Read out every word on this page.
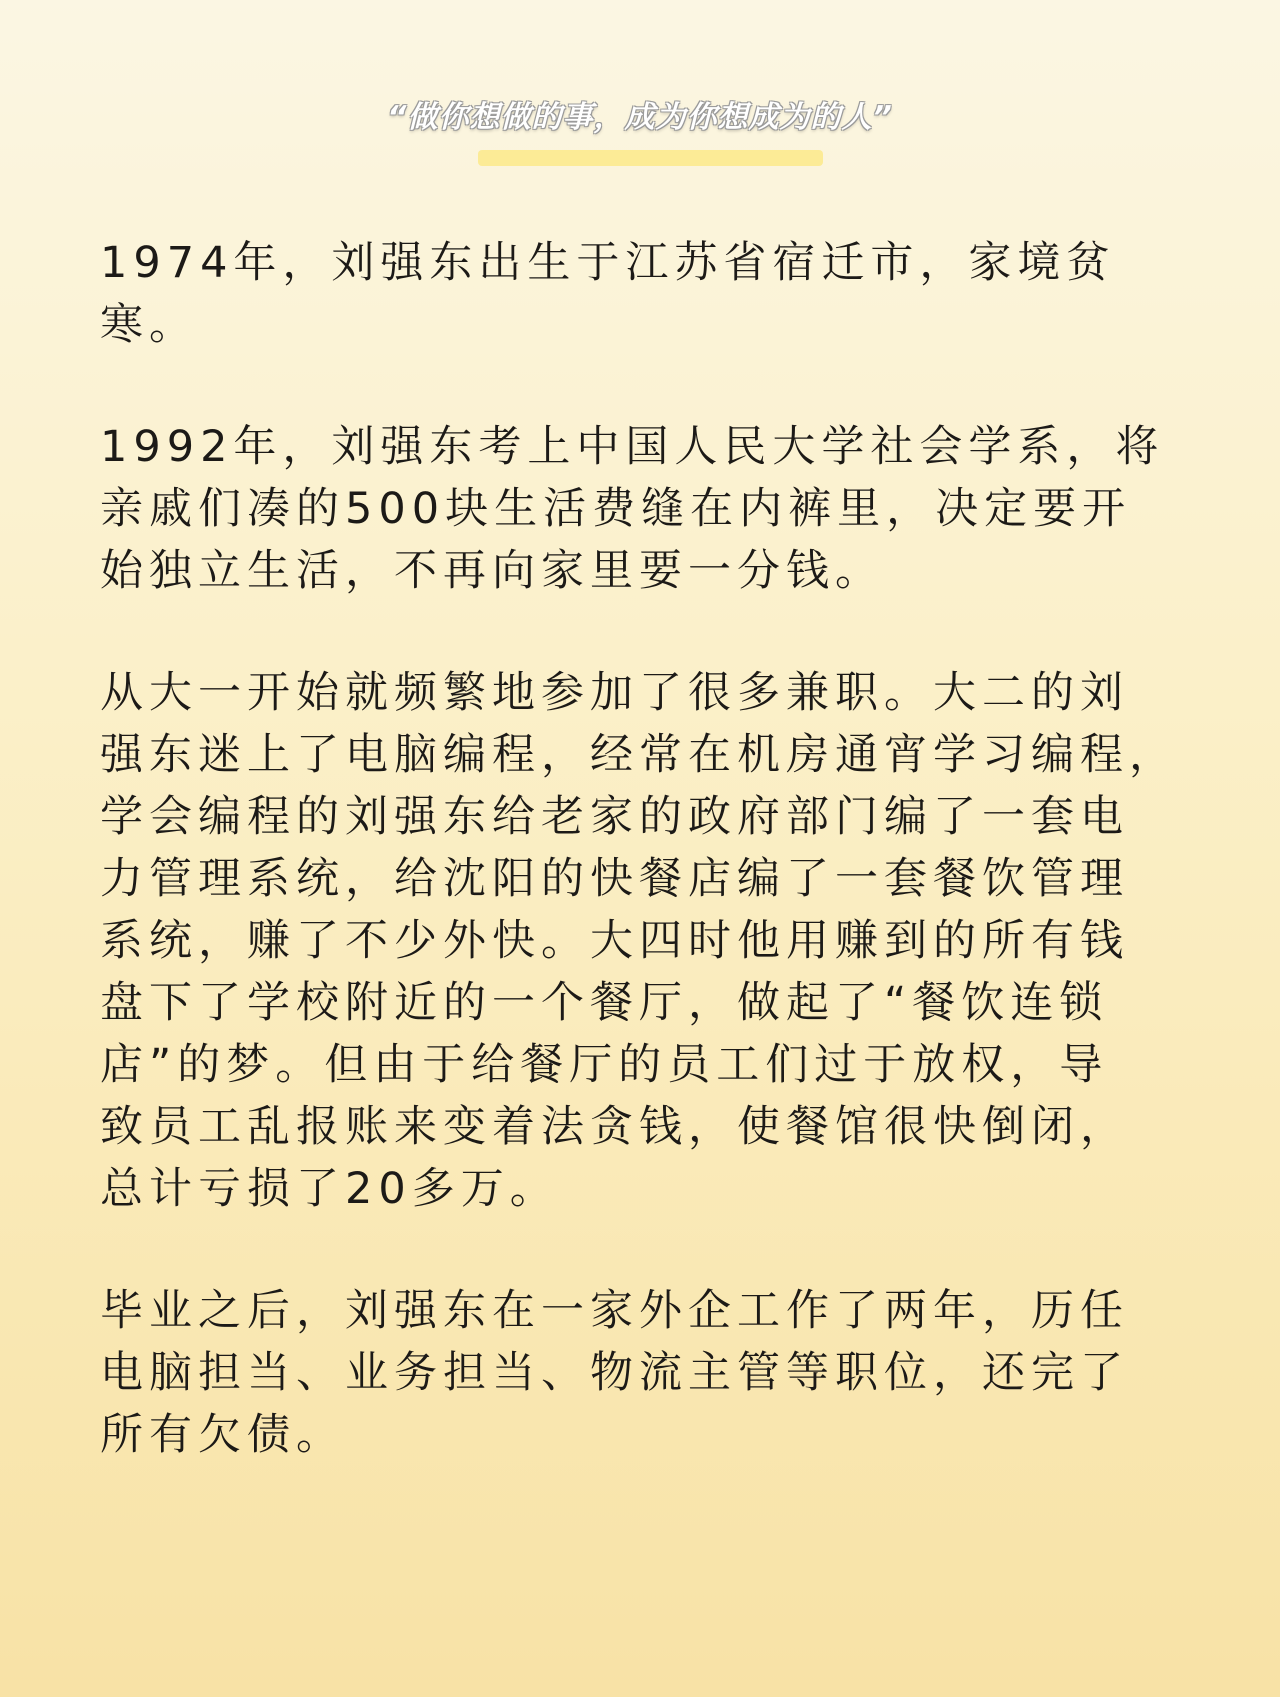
“做你想做的事，成为你想成为的人”

1974年，刘强东出生于江苏省宿迁市，家境贫寒。

1992年，刘强东考上中国人民大学社会学系，将
亲戚们凑的500块生活费缝在内裤里，决定要开
始独立生活，不再向家里要一分钱。

从大一开始就频繁地参加了很多兼职。大二的刘
强东迷上了电脑编程，经常在机房通宵学习编程，
学会编程的刘强东给老家的政府部门编了一套电
力管理系统，给沈阳的快餐店编了一套餐饮管理
系统，赚了不少外快。大四时他用赚到的所有钱
盘下了学校附近的一个餐厅，做起了“餐饮连锁
店”的梦。但由于给餐厅的员工们过于放权，导
致员工乱报账来变着法贪钱，使餐馆很快倒闭，
总计亏损了20多万。

毕业之后，刘强东在一家外企工作了两年，历任
电脑担当、业务担当、物流主管等职位，还完了
所有欠债。
